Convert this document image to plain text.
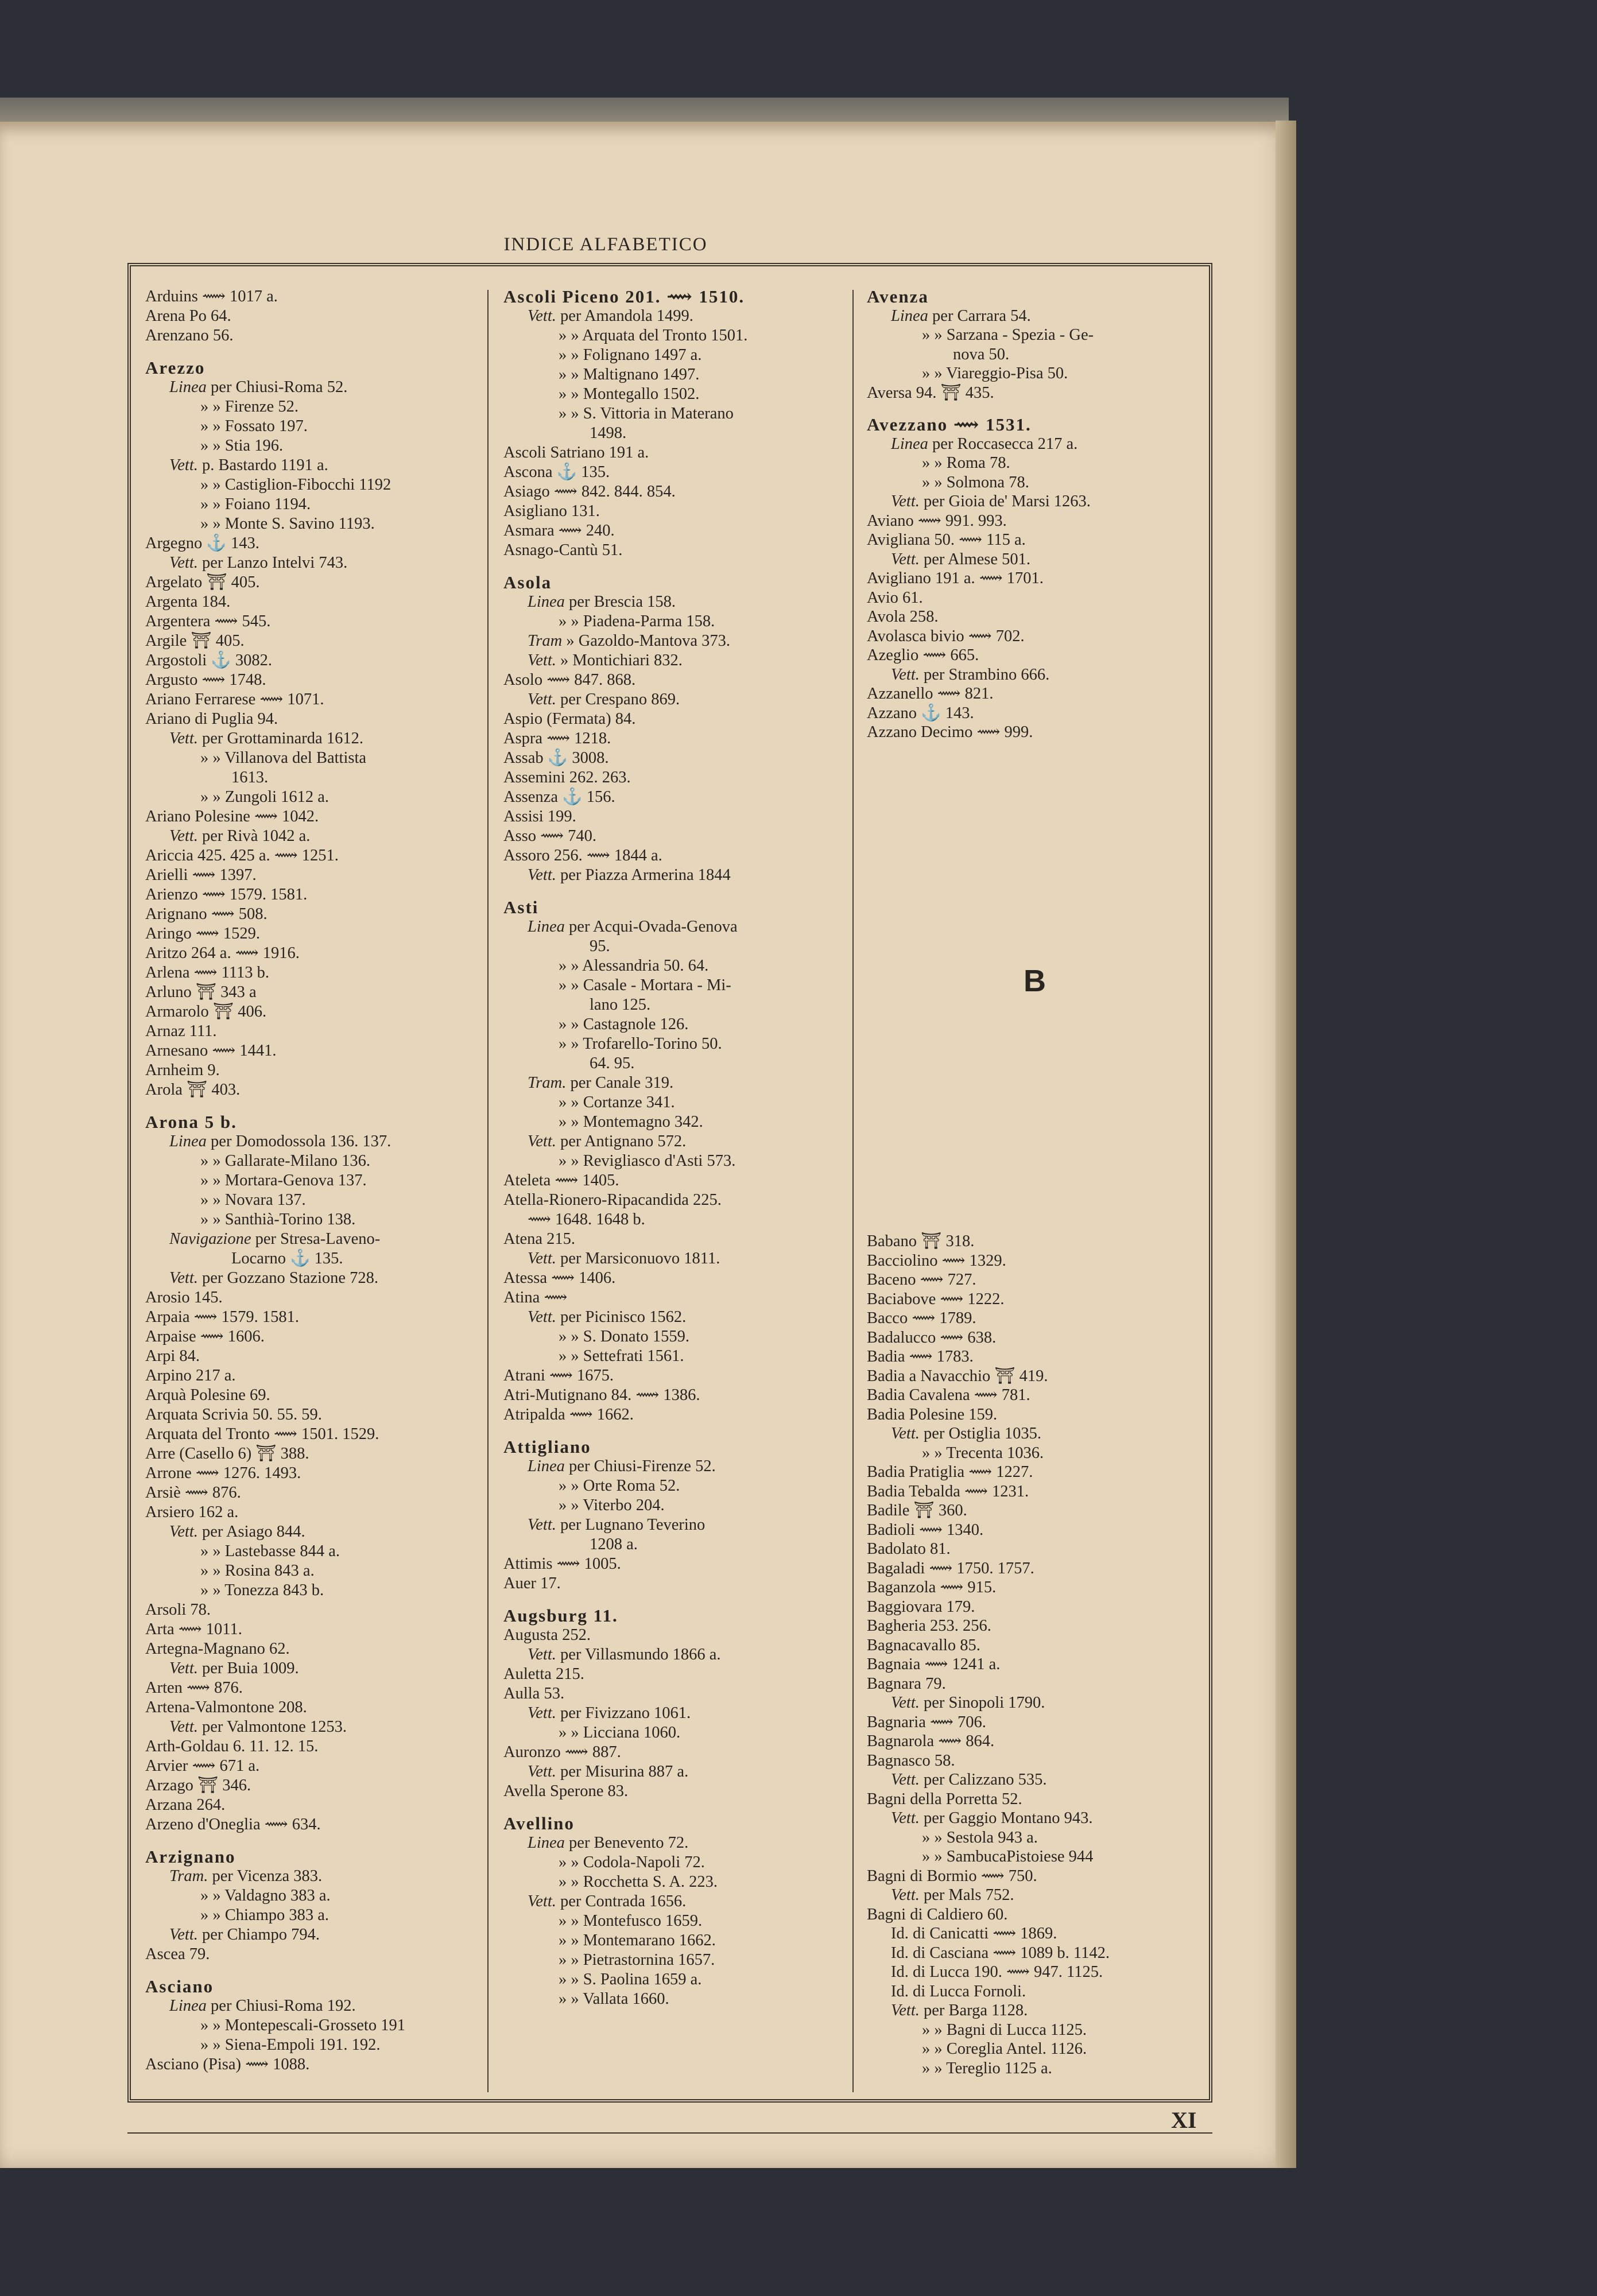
INDICE ALFABETICO
Arduins ⟿ 1017 a.
Arena Po 64.
Arenzano 56.
Arezzo
Linea per Chiusi-Roma 52.
» » Firenze 52.
» » Fossato 197.
» » Stia 196.
Vett. p. Bastardo 1191 a.
» » Castiglion-Fibocchi 1192
» » Foiano 1194.
» » Monte S. Savino 1193.
Argegno ⚓ 143.
Vett. per Lanzo Intelvi 743.
Argelato ⛩ 405.
Argenta 184.
Argentera ⟿ 545.
Argile ⛩ 405.
Argostoli ⚓ 3082.
Argusto ⟿ 1748.
Ariano Ferrarese ⟿ 1071.
Ariano di Puglia 94.
Vett. per Grottaminarda 1612.
» » Villanova del Battista
1613.
» » Zungoli 1612 a.
Ariano Polesine ⟿ 1042.
Vett. per Rivà 1042 a.
Ariccia 425. 425 a. ⟿ 1251.
Arielli ⟿ 1397.
Arienzo ⟿ 1579. 1581.
Arignano ⟿ 508.
Aringo ⟿ 1529.
Aritzo 264 a. ⟿ 1916.
Arlena ⟿ 1113 b.
Arluno ⛩ 343 a
Armarolo ⛩ 406.
Arnaz 111.
Arnesano ⟿ 1441.
Arnheim 9.
Arola ⛩ 403.
Arona 5 b.
Linea per Domodossola 136. 137.
» » Gallarate-Milano 136.
» » Mortara-Genova 137.
» » Novara 137.
» » Santhià-Torino 138.
Navigazione per Stresa-Laveno-
Locarno ⚓ 135.
Vett. per Gozzano Stazione 728.
Arosio 145.
Arpaia ⟿ 1579. 1581.
Arpaise ⟿ 1606.
Arpi 84.
Arpino 217 a.
Arquà Polesine 69.
Arquata Scrivia 50. 55. 59.
Arquata del Tronto ⟿ 1501. 1529.
Arre (Casello 6) ⛩ 388.
Arrone ⟿ 1276. 1493.
Arsiè ⟿ 876.
Arsiero 162 a.
Vett. per Asiago 844.
» » Lastebasse 844 a.
» » Rosina 843 a.
» » Tonezza 843 b.
Arsoli 78.
Arta ⟿ 1011.
Artegna-Magnano 62.
Vett. per Buia 1009.
Arten ⟿ 876.
Artena-Valmontone 208.
Vett. per Valmontone 1253.
Arth-Goldau 6. 11. 12. 15.
Arvier ⟿ 671 a.
Arzago ⛩ 346.
Arzana 264.
Arzeno d'Oneglia ⟿ 634.
Arzignano
Tram. per Vicenza 383.
» » Valdagno 383 a.
» » Chiampo 383 a.
Vett. per Chiampo 794.
Ascea 79.
Asciano
Linea per Chiusi-Roma 192.
» » Montepescali-Grosseto 191
» » Siena-Empoli 191. 192.
Asciano (Pisa) ⟿ 1088.
Ascoli Piceno 201. ⟿ 1510.
Vett. per Amandola 1499.
» » Arquata del Tronto 1501.
» » Folignano 1497 a.
» » Maltignano 1497.
» » Montegallo 1502.
» » S. Vittoria in Materano
1498.
Ascoli Satriano 191 a.
Ascona ⚓ 135.
Asiago ⟿ 842. 844. 854.
Asigliano 131.
Asmara ⟿ 240.
Asnago-Cantù 51.
Asola
Linea per Brescia 158.
» » Piadena-Parma 158.
Tram » Gazoldo-Mantova 373.
Vett. » Montichiari 832.
Asolo ⟿ 847. 868.
Vett. per Crespano 869.
Aspio (Fermata) 84.
Aspra ⟿ 1218.
Assab ⚓ 3008.
Assemini 262. 263.
Assenza ⚓ 156.
Assisi 199.
Asso ⟿ 740.
Assoro 256. ⟿ 1844 a.
Vett. per Piazza Armerina 1844
Asti
Linea per Acqui-Ovada-Genova
95.
» » Alessandria 50. 64.
» » Casale - Mortara - Mi-
lano 125.
» » Castagnole 126.
» » Trofarello-Torino 50.
64. 95.
Tram. per Canale 319.
» » Cortanze 341.
» » Montemagno 342.
Vett. per Antignano 572.
» » Revigliasco d'Asti 573.
Ateleta ⟿ 1405.
Atella-Rionero-Ripacandida 225.
⟿ 1648. 1648 b.
Atena 215.
Vett. per Marsiconuovo 1811.
Atessa ⟿ 1406.
Atina ⟿
Vett. per Picinisco 1562.
» » S. Donato 1559.
» » Settefrati 1561.
Atrani ⟿ 1675.
Atri-Mutignano 84. ⟿ 1386.
Atripalda ⟿ 1662.
Attigliano
Linea per Chiusi-Firenze 52.
» » Orte Roma 52.
» » Viterbo 204.
Vett. per Lugnano Teverino
1208 a.
Attimis ⟿ 1005.
Auer 17.
Augsburg 11.
Augusta 252.
Vett. per Villasmundo 1866 a.
Auletta 215.
Aulla 53.
Vett. per Fivizzano 1061.
» » Licciana 1060.
Auronzo ⟿ 887.
Vett. per Misurina 887 a.
Avella Sperone 83.
Avellino
Linea per Benevento 72.
» » Codola-Napoli 72.
» » Rocchetta S. A. 223.
Vett. per Contrada 1656.
» » Montefusco 1659.
» » Montemarano 1662.
» » Pietrastornina 1657.
» » S. Paolina 1659 a.
» » Vallata 1660.
Avenza
Linea per Carrara 54.
» » Sarzana - Spezia - Ge-
nova 50.
» » Viareggio-Pisa 50.
Aversa 94. ⛩ 435.
Avezzano ⟿ 1531.
Linea per Roccasecca 217 a.
» » Roma 78.
» » Solmona 78.
Vett. per Gioia de' Marsi 1263.
Aviano ⟿ 991. 993.
Avigliana 50. ⟿ 115 a.
Vett. per Almese 501.
Avigliano 191 a. ⟿ 1701.
Avio 61.
Avola 258.
Avolasca bivio ⟿ 702.
Azeglio ⟿ 665.
Vett. per Strambino 666.
Azzanello ⟿ 821.
Azzano ⚓ 143.
Azzano Decimo ⟿ 999.
B
Babano ⛩ 318.
Bacciolino ⟿ 1329.
Baceno ⟿ 727.
Baciabove ⟿ 1222.
Bacco ⟿ 1789.
Badalucco ⟿ 638.
Badia ⟿ 1783.
Badia a Navacchio ⛩ 419.
Badia Cavalena ⟿ 781.
Badia Polesine 159.
Vett. per Ostiglia 1035.
» » Trecenta 1036.
Badia Pratiglia ⟿ 1227.
Badia Tebalda ⟿ 1231.
Badile ⛩ 360.
Badioli ⟿ 1340.
Badolato 81.
Bagaladi ⟿ 1750. 1757.
Baganzola ⟿ 915.
Baggiovara 179.
Bagheria 253. 256.
Bagnacavallo 85.
Bagnaia ⟿ 1241 a.
Bagnara 79.
Vett. per Sinopoli 1790.
Bagnaria ⟿ 706.
Bagnarola ⟿ 864.
Bagnasco 58.
Vett. per Calizzano 535.
Bagni della Porretta 52.
Vett. per Gaggio Montano 943.
» » Sestola 943 a.
» » SambucaPistoiese 944
Bagni di Bormio ⟿ 750.
Vett. per Mals 752.
Bagni di Caldiero 60.
Id. di Canicatti ⟿ 1869.
Id. di Casciana ⟿ 1089 b. 1142.
Id. di Lucca 190. ⟿ 947. 1125.
Id. di Lucca Fornoli.
Vett. per Barga 1128.
» » Bagni di Lucca 1125.
» » Coreglia Antel. 1126.
» » Tereglio 1125 a.
XI
